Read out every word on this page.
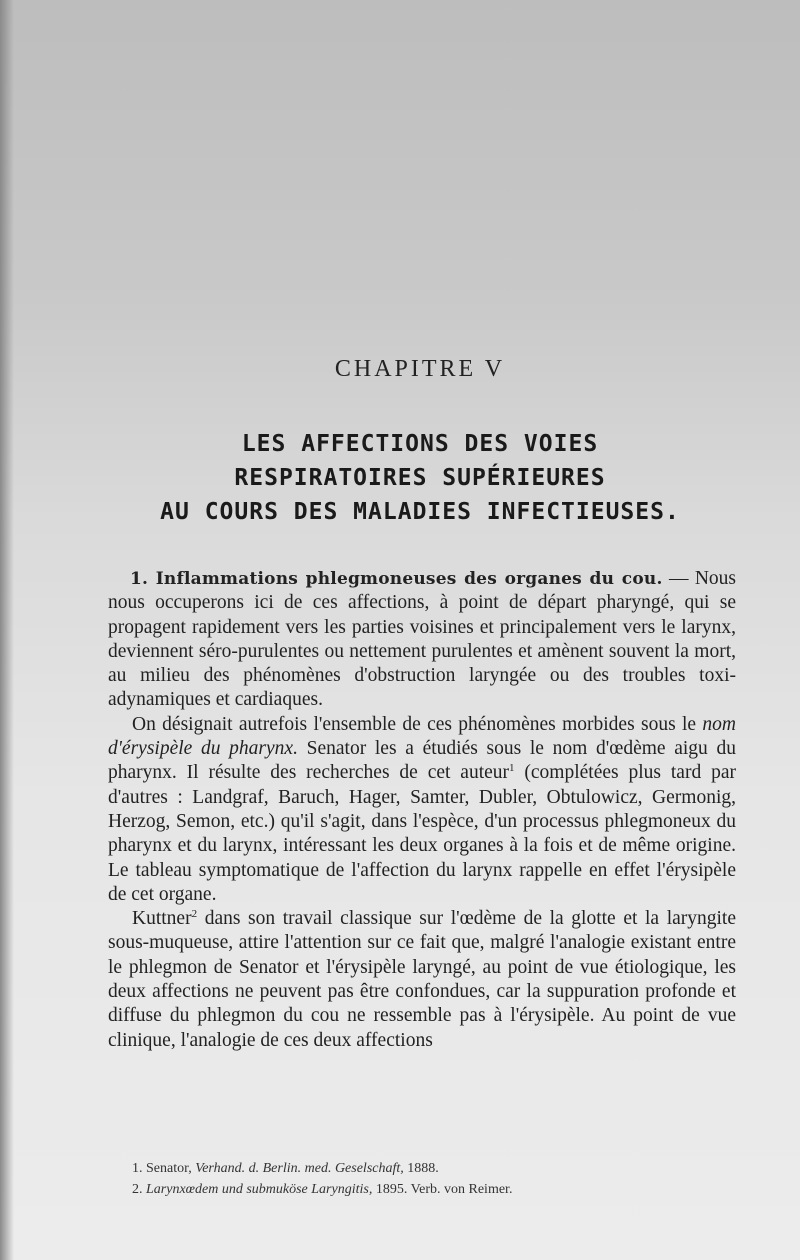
CHAPITRE V
LES AFFECTIONS DES VOIES
RESPIRATOIRES SUPÉRIEURES
AU COURS DES MALADIES INFECTIEUSES.

1. Inflammations phlegmoneuses des organes du cou. — Nous nous occuperons ici de ces affections, à point de départ pharyngé, qui se propagent rapidement vers les parties voisines et principalement vers le larynx, deviennent séro-purulentes ou nettement purulentes et amènent souvent la mort, au milieu des phénomènes d'obstruction laryngée ou des troubles toxi-adynamiques et cardiaques.

On désignait autrefois l'ensemble de ces phénomènes morbides sous le nom d'érysipèle du pharynx. Senator les a étudiés sous le nom d'œdème aigu du pharynx. Il résulte des recherches de cet auteur$^1$ (complétées plus tard par d'autres : Landgraf, Baruch, Hager, Samter, Dubler, Obtulowicz, Germonig, Herzog, Semon, etc.) qu'il s'agit, dans l'espèce, d'un processus phlegmoneux du pharynx et du larynx, intéressant les deux organes à la fois et de même origine. Le tableau symptomatique de l'affection du larynx rappelle en effet l'érysipèle de cet organe.

Kuttner$^2$ dans son travail classique sur l'œdème de la glotte et la laryngite sous-muqueuse, attire l'attention sur ce fait que, malgré l'analogie existant entre le phlegmon de Senator et l'érysipèle laryngé, au point de vue étiologique, les deux affections ne peuvent pas être confondues, car la suppuration profonde et diffuse du phlegmon du cou ne ressemble pas à l'érysipèle. Au point de vue clinique, l'analogie de ces deux affections

1. Senator, Verhand. d. Berlin. med. Geselschaft, 1888.
2. Larynxœdem und submuköse Laryngitis, 1895. Verb. von Reimer.
